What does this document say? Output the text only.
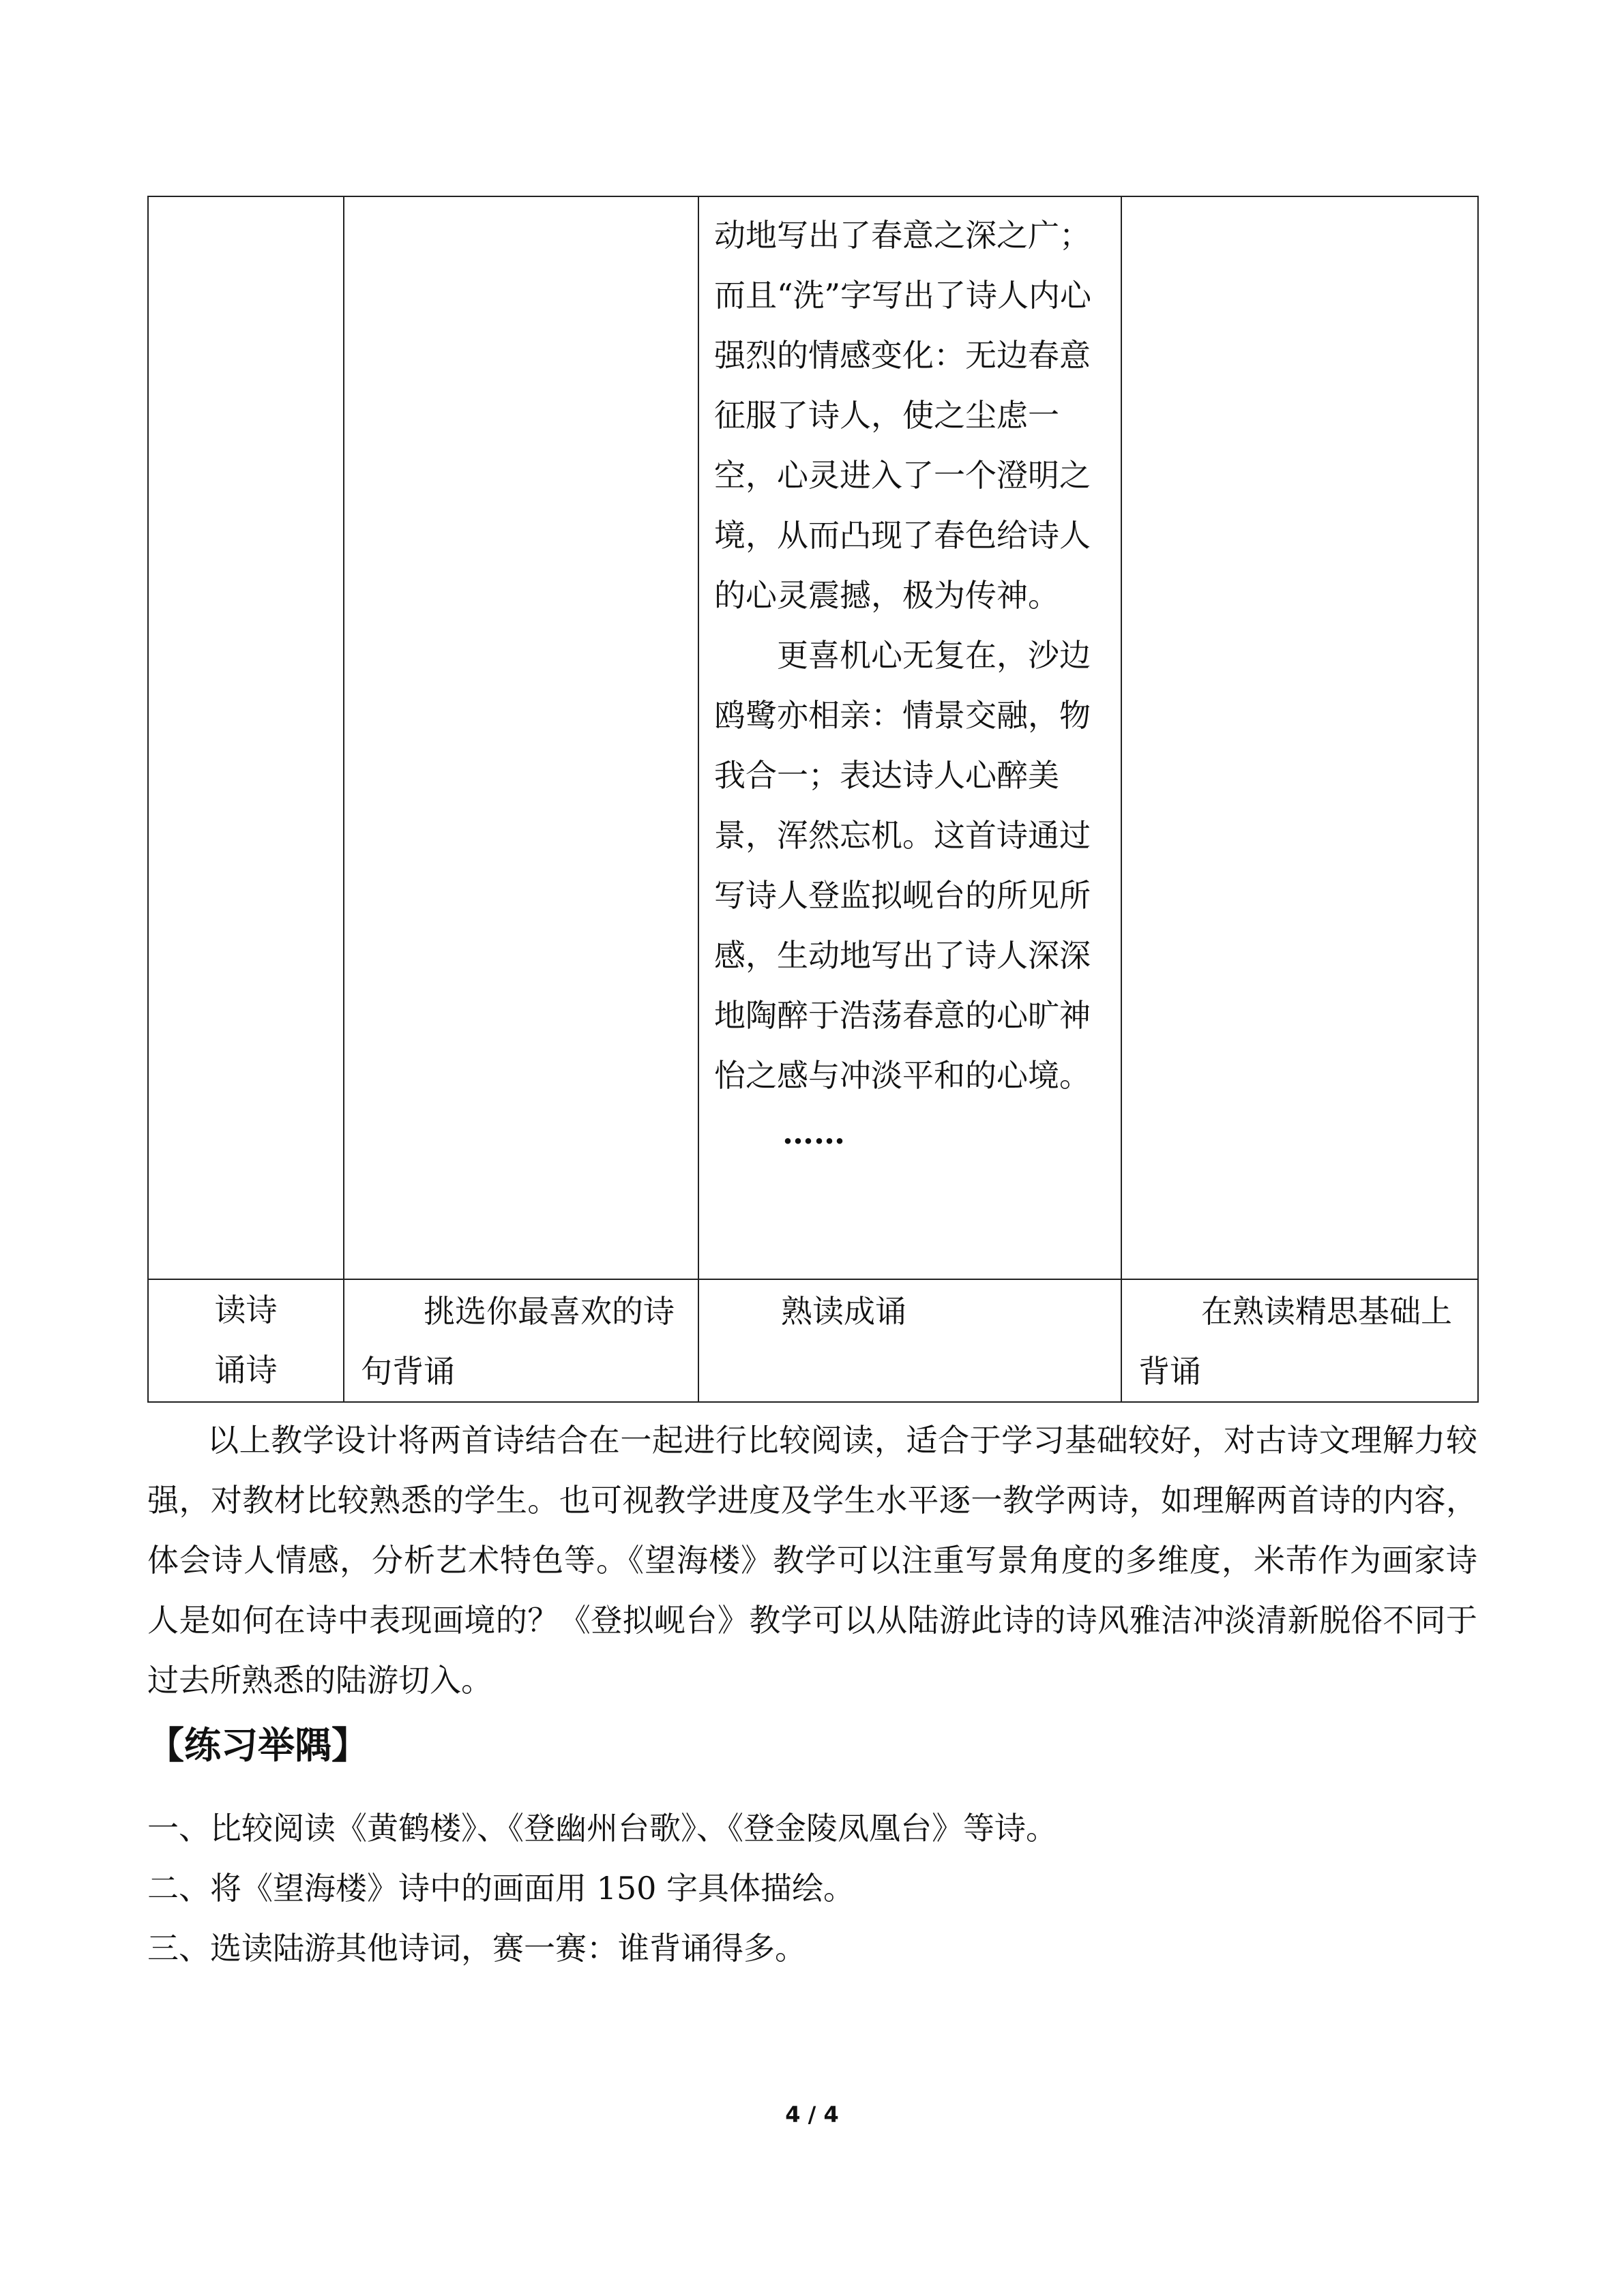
		动地写出了春意之深之广；而且“洗”字写出了诗人内心强烈的情感变化：无边春意征服了诗人，使之尘虑一空，心灵进入了一个澄明之境，从而凸现了春色给诗人的心灵震撼，极为传神。

更喜机心无复在，沙边鸥鹭亦相亲：情景交融，物我合一；表达诗人心醉美景，浑然忘机。这首诗通过写诗人登监拟岘台的所见所感，生动地写出了诗人深深地陶醉于浩荡春意的心旷神怡之感与冲淡平和的心境。

……	

读诗
诵诗	挑选你最喜欢的诗句背诵	熟读成诵	在熟读精思基础上背诵

以上教学设计将两首诗结合在一起进行比较阅读，适合于学习基础较好，对古诗文理解力较强，对教材比较熟悉的学生。也可视教学进度及学生水平逐一教学两诗，如理解两首诗的内容，体会诗人情感，分析艺术特色等。《望海楼》教学可以注重写景角度的多维度，米芾作为画家诗人是如何在诗中表现画境的？《登拟岘台》教学可以从陆游此诗的诗风雅洁冲淡清新脱俗不同于过去所熟悉的陆游切入。

【练习举隅】
一、比较阅读《黄鹤楼》、《登幽州台歌》、《登金陵凤凰台》等诗。
二、将《望海楼》诗中的画面用 150 字具体描绘。
三、选读陆游其他诗词，赛一赛：谁背诵得多。
4 / 4
